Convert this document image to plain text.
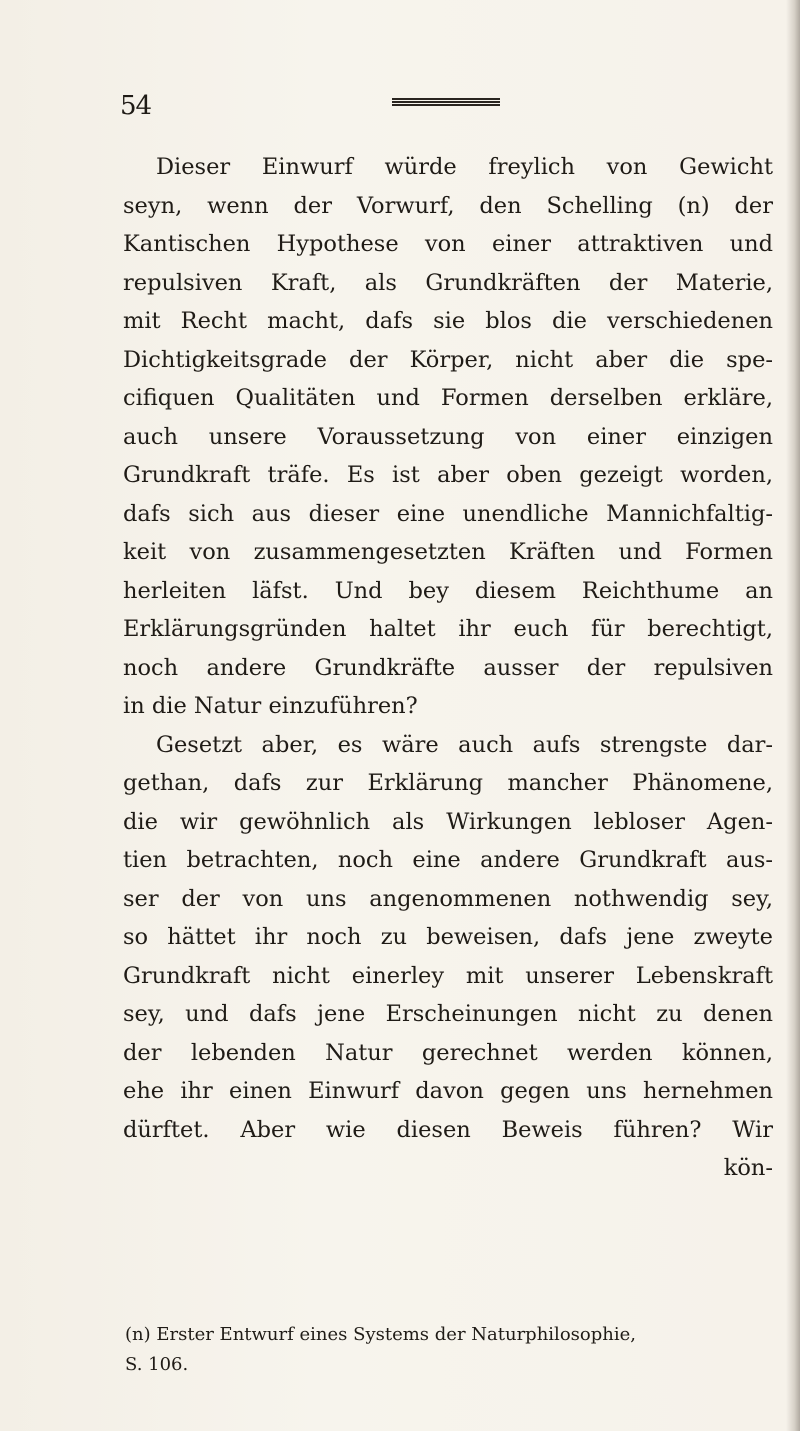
54
Dieser Einwurf würde freylich von Gewicht
seyn, wenn der Vorwurf, den Schelling (n) der
Kantischen Hypothese von einer attraktiven und
repulsiven Kraft, als Grundkräften der Materie,
mit Recht macht, dafs sie blos die verschiedenen
Dichtigkeitsgrade der Körper, nicht aber die spe-
cifiquen Qualitäten und Formen derselben erkläre,
auch unsere Voraussetzung von einer einzigen
Grundkraft träfe. Es ist aber oben gezeigt worden,
dafs sich aus dieser eine unendliche Mannichfaltig-
keit von zusammengesetzten Kräften und Formen
herleiten läfst. Und bey diesem Reichthume an
Erklärungsgründen haltet ihr euch für berechtigt,
noch andere Grundkräfte ausser der repulsiven
in die Natur einzuführen?
Gesetzt aber, es wäre auch aufs strengste dar-
gethan, dafs zur Erklärung mancher Phänomene,
die wir gewöhnlich als Wirkungen lebloser Agen-
tien betrachten, noch eine andere Grundkraft aus-
ser der von uns angenommenen nothwendig sey,
so hättet ihr noch zu beweisen, dafs jene zweyte
Grundkraft nicht einerley mit unserer Lebenskraft
sey, und dafs jene Erscheinungen nicht zu denen
der lebenden Natur gerechnet werden können,
ehe ihr einen Einwurf davon gegen uns hernehmen
dürftet. Aber wie diesen Beweis führen? Wir
kön-
(n) Erster Entwurf eines Systems der Naturphilosophie,
S. 106.
